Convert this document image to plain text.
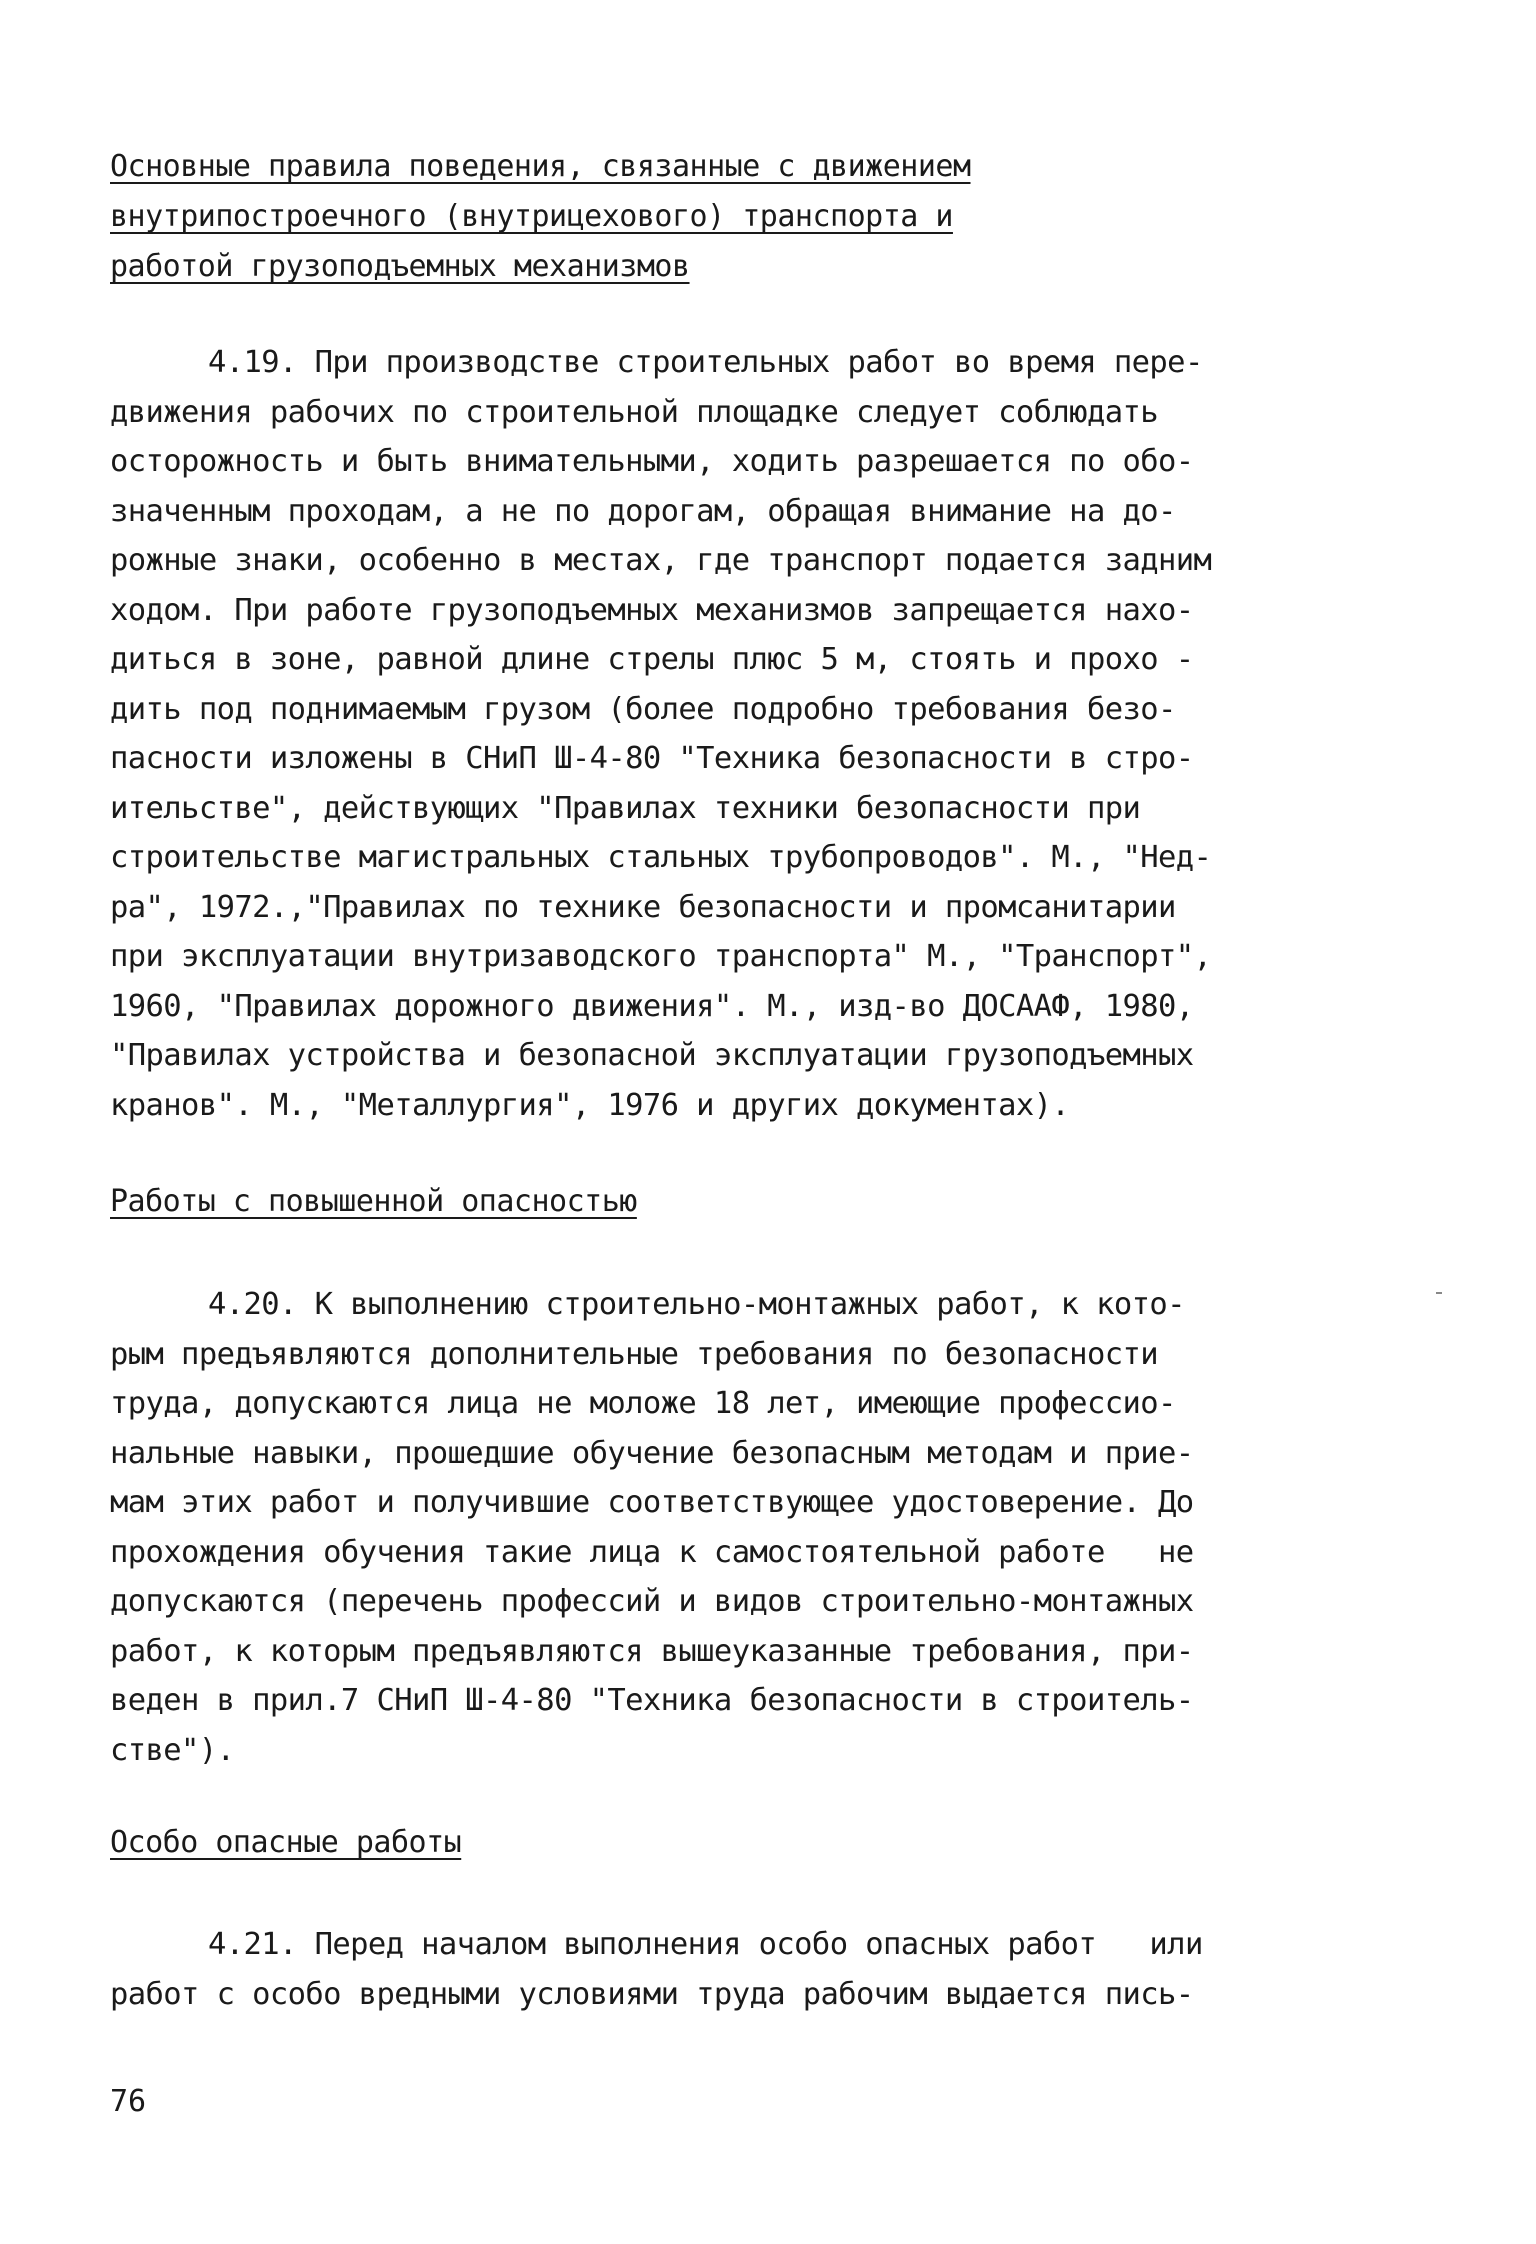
Основные правила поведения, связанные с движением
внутрипостроечного (внутрицехового) транспорта и
работой грузоподъемных механизмов
4.19. При производстве строительных работ во время пере-
движения рабочих по строительной площадке следует соблюдать
осторожность и быть внимательными, ходить разрешается по обо-
значенным проходам, а не по дорогам, обращая внимание на до-
рожные знаки, особенно в местах, где транспорт подается задним
ходом. При работе грузоподъемных механизмов запрещается нахо-
диться в зоне, равной длине стрелы плюс 5 м, стоять и прохо -
дить под поднимаемым грузом (более подробно требования безо-
пасности изложены в СНиП Ш-4-80 "Техника безопасности в стро-
ительстве", действующих "Правилах техники безопасности при
строительстве магистральных стальных трубопроводов". М., "Нед-
ра", 1972.,"Правилах по технике безопасности и промсанитарии
при эксплуатации внутризаводского транспорта" М., "Транспорт",
1960, "Правилах дорожного движения". М., изд-во ДОСААФ, 1980,
"Правилах устройства и безопасной эксплуатации грузоподъемных
кранов". М., "Металлургия", 1976 и других документах).
Работы с повышенной опасностью
4.20. К выполнению строительно-монтажных работ, к кото-
рым предъявляются дополнительные требования по безопасности
труда, допускаются лица не моложе 18 лет, имеющие профессио-
нальные навыки, прошедшие обучение безопасным методам и прие-
мам этих работ и получившие соответствующее удостоверение. До
прохождения обучения такие лица к самостоятельной работе   не
допускаются (перечень профессий и видов строительно-монтажных
работ, к которым предъявляются вышеуказанные требования, при-
веден в прил.7 СНиП Ш-4-80 "Техника безопасности в строитель-
стве").
Особо опасные работы
4.21. Перед началом выполнения особо опасных работ   или
работ с особо вредными условиями труда рабочим выдается пись-
76
